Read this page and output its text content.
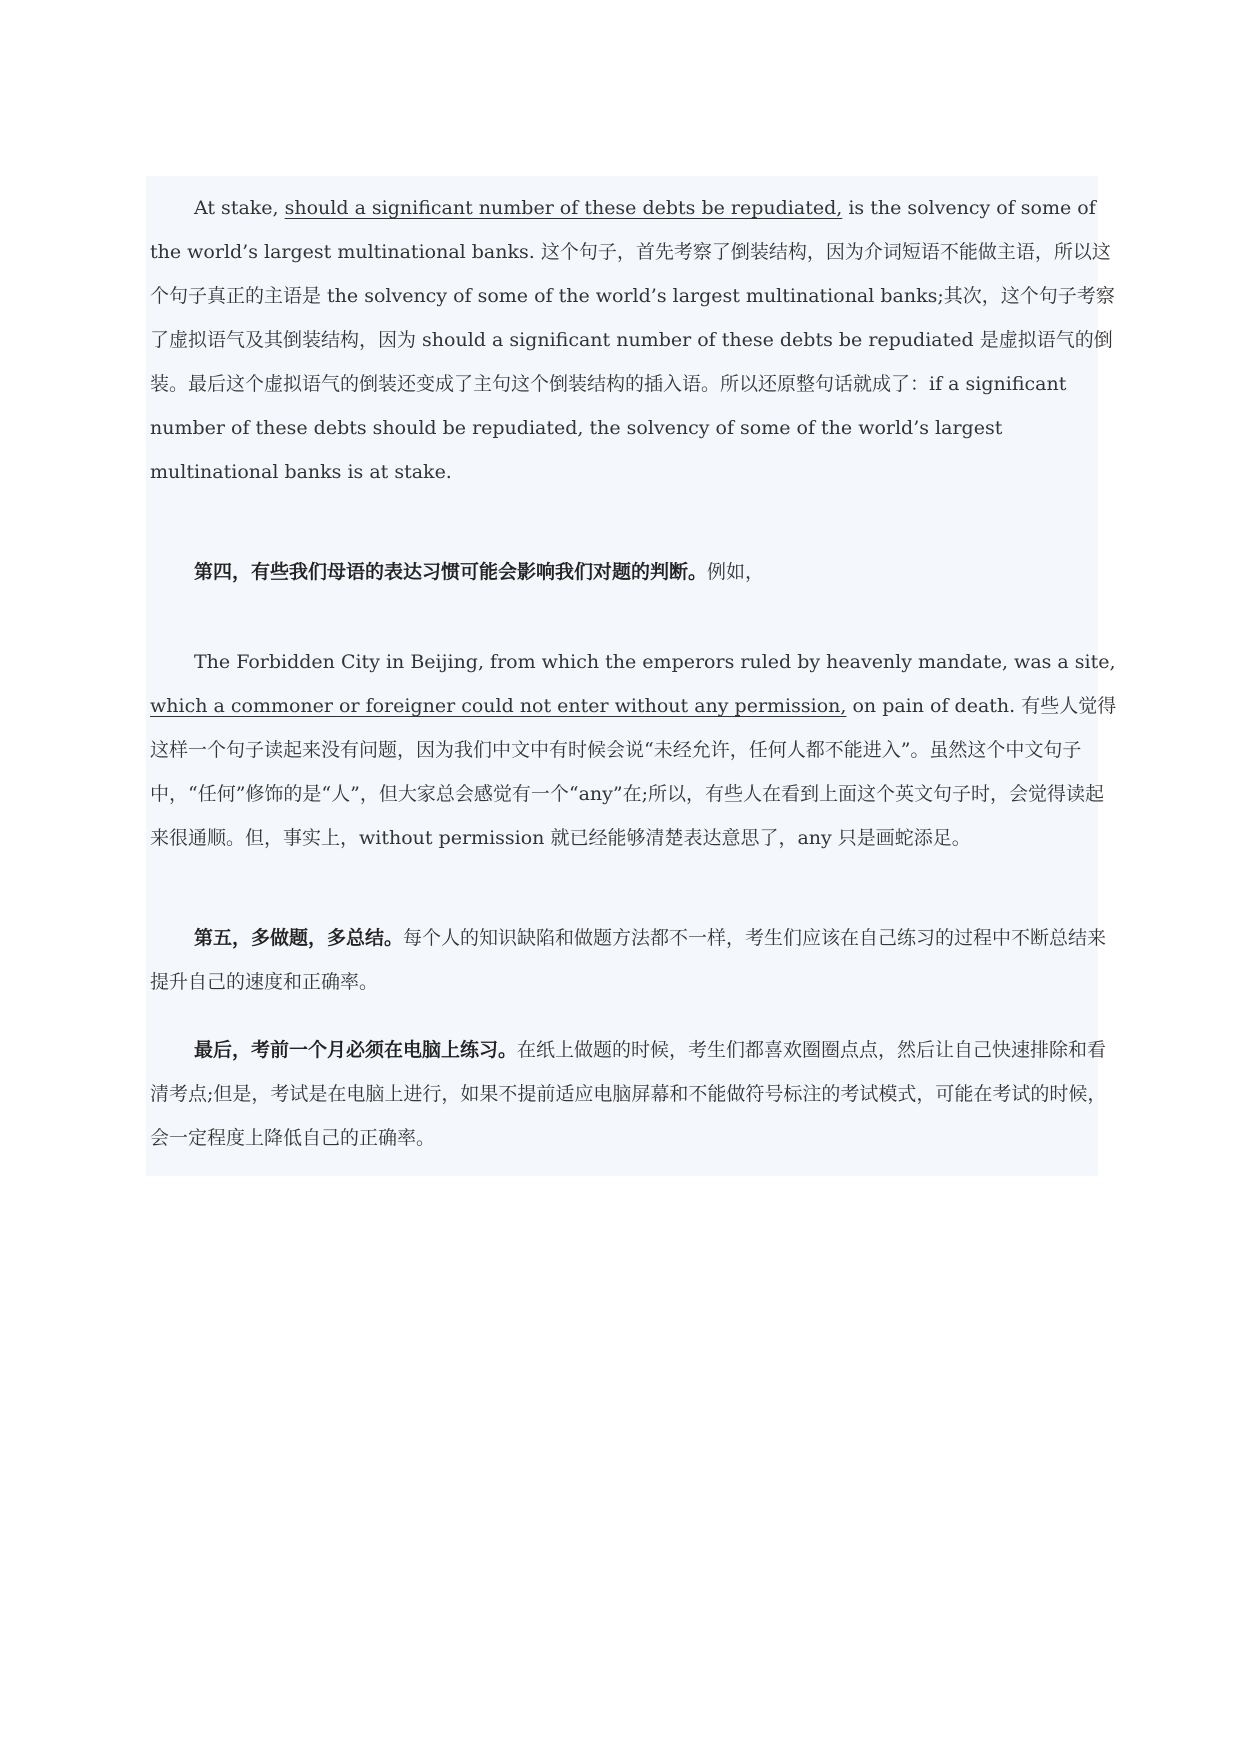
At stake, should a significant number of these debts be repudiated, is the solvency of some of the world’s largest multinational banks. 这个句子，首先考察了倒装结构，因为介词短语不能做主语，所以这个句子真正的主语是 the solvency of some of the world’s largest multinational banks;其次，这个句子考察了虚拟语气及其倒装结构，因为 should a significant number of these debts be repudiated 是虚拟语气的倒装。最后这个虚拟语气的倒装还变成了主句这个倒装结构的插入语。所以还原整句话就成了：if a significant number of these debts should be repudiated, the solvency of some of the world’s largest multinational banks is at stake.

第四，有些我们母语的表达习惯可能会影响我们对题的判断。例如，

The Forbidden City in Beijing, from which the emperors ruled by heavenly mandate, was a site, which a commoner or foreigner could not enter without any permission, on pain of death. 有些人觉得这样一个句子读起来没有问题，因为我们中文中有时候会说“未经允许，任何人都不能进入”。虽然这个中文句子中，“任何”修饰的是“人”，但大家总会感觉有一个“any”在;所以，有些人在看到上面这个英文句子时，会觉得读起来很通顺。但，事实上，without permission 就已经能够清楚表达意思了，any 只是画蛇添足。

第五，多做题，多总结。每个人的知识缺陷和做题方法都不一样，考生们应该在自己练习的过程中不断总结来提升自己的速度和正确率。

最后，考前一个月必须在电脑上练习。在纸上做题的时候，考生们都喜欢圈圈点点，然后让自己快速排除和看清考点;但是，考试是在电脑上进行，如果不提前适应电脑屏幕和不能做符号标注的考试模式，可能在考试的时候，会一定程度上降低自己的正确率。
